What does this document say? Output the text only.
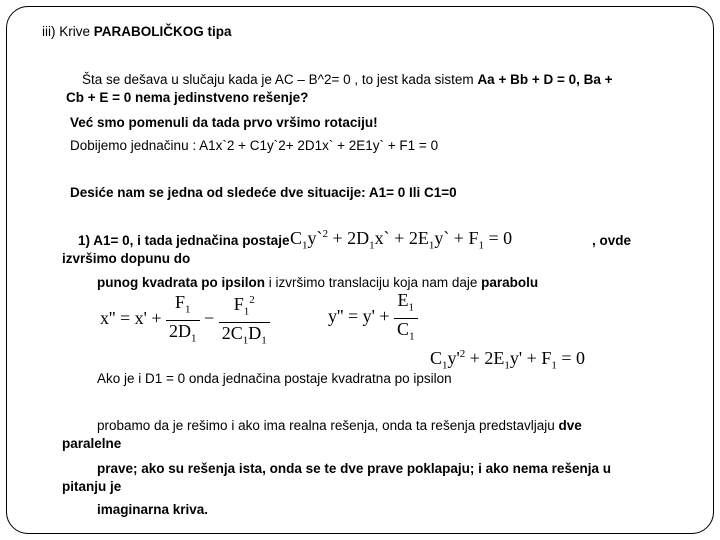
iii) Krive PARABOLIČKOG tipa
Šta se dešava u slučaju kada je AC – B^2= 0 , to jest kada sistem Aa + Bb + D = 0, Ba +
Cb + E = 0 nema jedinstveno rešenje?
Već smo pomenuli da tada prvo vršimo rotaciju!
Dobijemo jednačinu : A1x`2 + C1y`2+ 2D1x` + 2E1y` + F1 = 0
Desiće nam se jedna od sledeće dve situacije: A1= 0 Ili C1=0
1) A1= 0, i tada jednačina postaje $C_1y`^2$ + $2D_1x`$ + $2E_1y` + F_1 = 0$	, ovde
izvršimo dopunu do
punog kvadrata po ipsilon i izvršimo translaciju koja nam daje parabolu
$x'' = x' + \frac{F_1}{2D_1} - \frac{F_1^2}{2C_1D_1}$	$y'' = y' + \frac{E_1}{C_1}$
$C_1y'^2 + 2E_1y' + F_1 = 0$
Ako je i D1 = 0 onda jednačina postaje kvadratna po ipsilon
probamo da je rešimo i ako ima realna rešenja, onda ta rešenja predstavljaju dve
paralelne
prave; ako su rešenja ista, onda se te dve prave poklapaju; i ako nema rešenja u
pitanju je
imaginarna kriva.
